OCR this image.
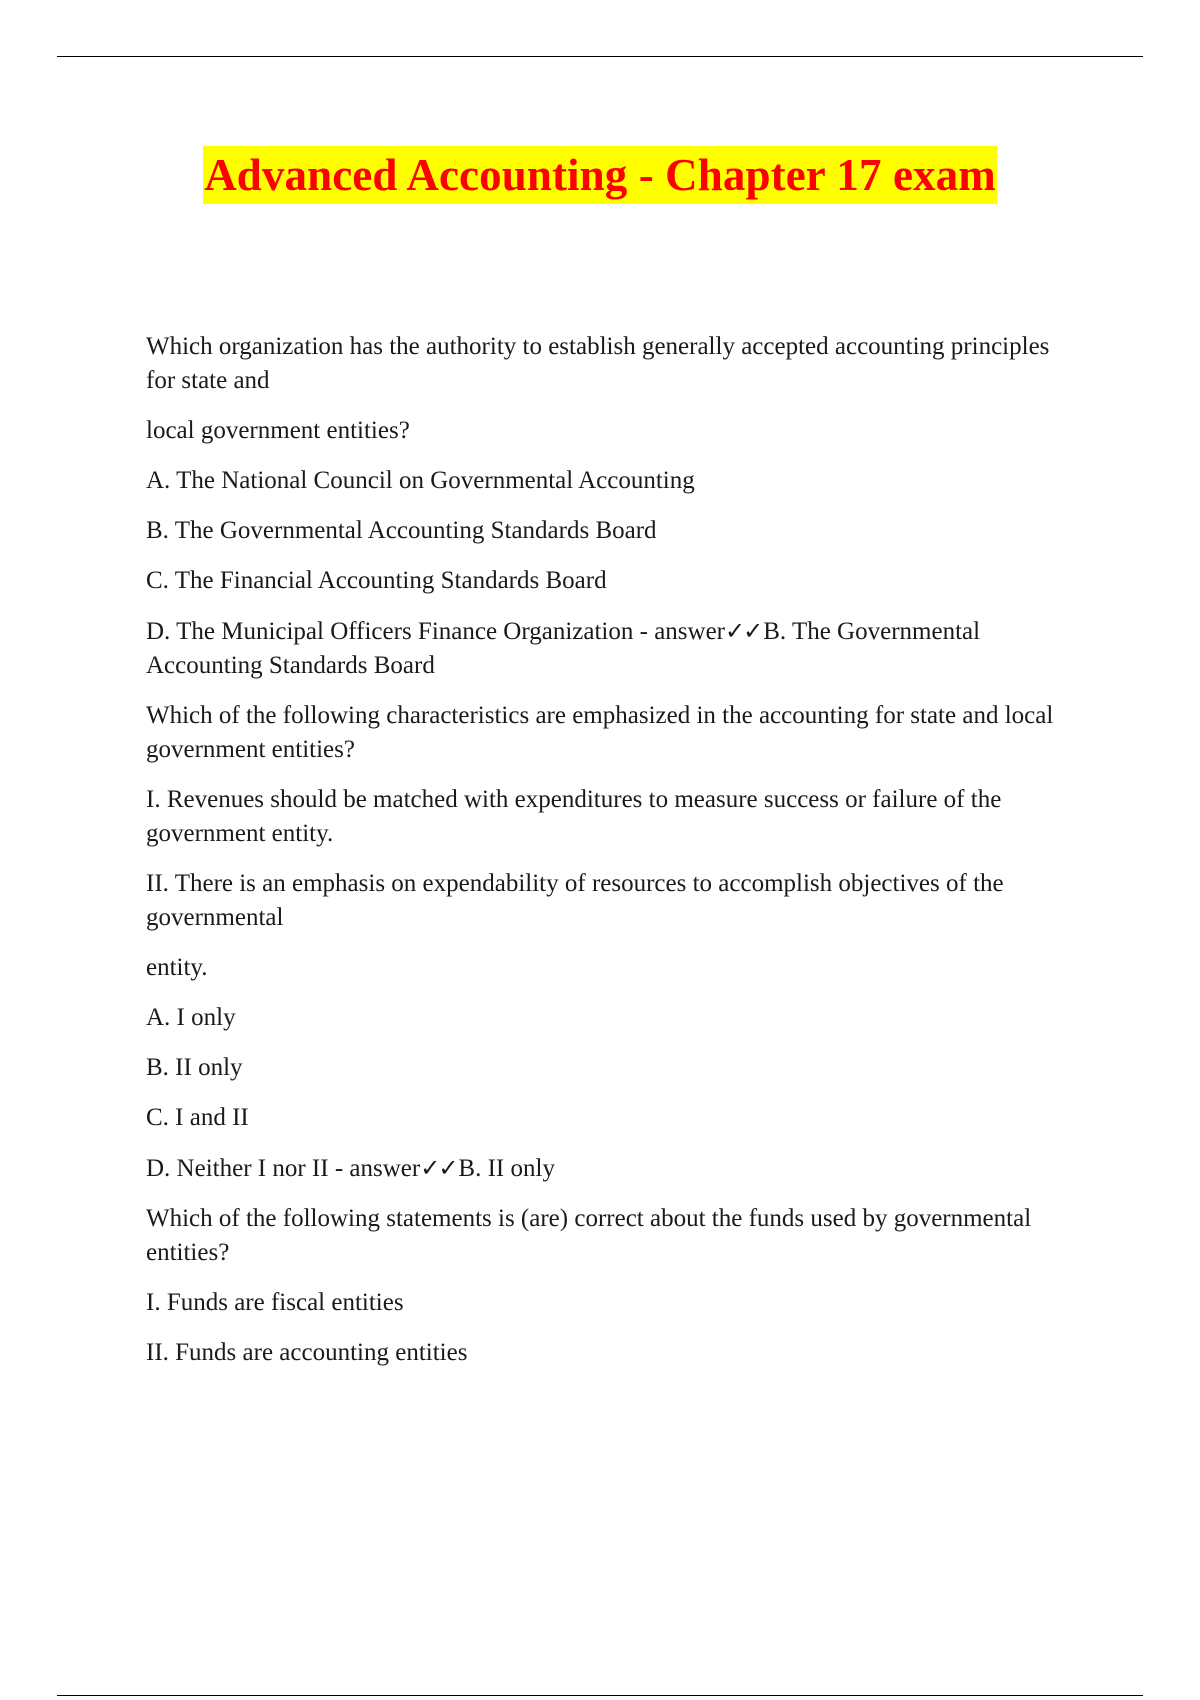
Advanced Accounting - Chapter 17 exam

Which organization has the authority to establish generally accepted accounting principles for state and

local government entities?

A. The National Council on Governmental Accounting

B. The Governmental Accounting Standards Board

C. The Financial Accounting Standards Board

D. The Municipal Officers Finance Organization - answer✓✓B. The Governmental Accounting Standards Board

Which of the following characteristics are emphasized in the accounting for state and local government entities?

I. Revenues should be matched with expenditures to measure success or failure of the government entity.

II. There is an emphasis on expendability of resources to accomplish objectives of the governmental

entity.

A. I only

B. II only

C. I and II

D. Neither I nor II - answer✓✓B. II only

Which of the following statements is (are) correct about the funds used by governmental entities?

I. Funds are fiscal entities

II. Funds are accounting entities
